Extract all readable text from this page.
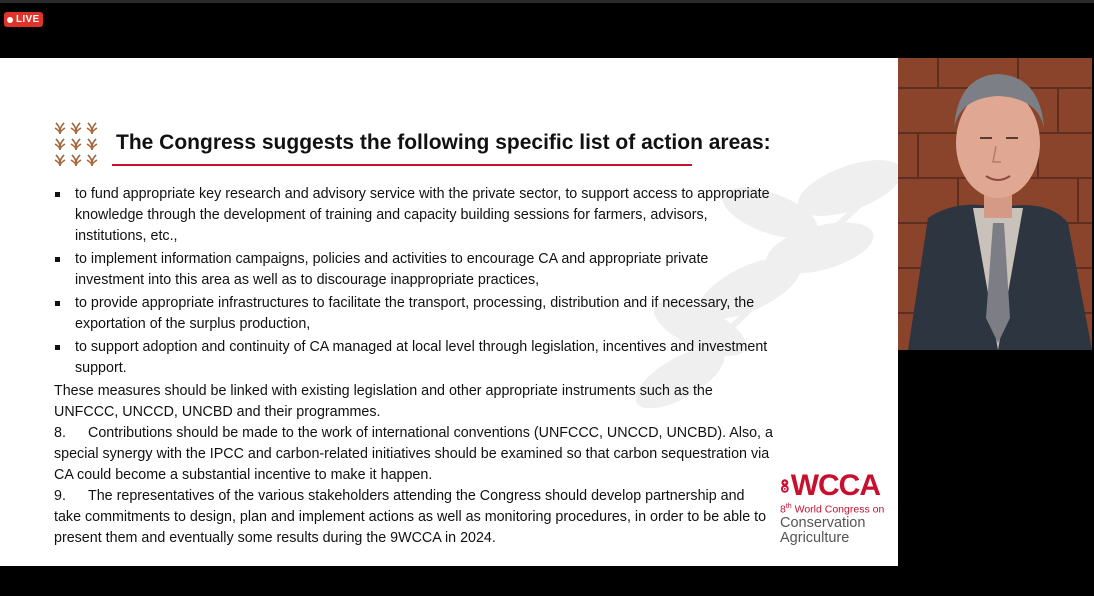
LIVE
The Congress suggests the following specific list of action areas:
to fund appropriate key research and advisory service with the private sector, to support access to appropriate knowledge through the development of training and capacity building sessions for farmers, advisors, institutions, etc.,
to implement information campaigns, policies and activities to encourage CA and appropriate private investment into this area as well as to discourage inappropriate practices,
to provide appropriate infrastructures to facilitate the transport, processing, distribution and if necessary, the exportation of the surplus production,
to support adoption and continuity of CA managed at local level through legislation, incentives and investment support.

These measures should be linked with existing legislation and other appropriate instruments such as the UNFCCC, UNCCD, UNCBD and their programmes.

8. Contributions should be made to the work of international conventions (UNFCCC, UNCCD, UNCBD). Also, a special synergy with the IPCC and carbon-related initiatives should be examined so that carbon sequestration via CA could become a substantial incentive to make it happen.

9. The representatives of the various stakeholders attending the Congress should develop partnership and take commitments to design, plan and implement actions as well as monitoring procedures, in order to be able to present them and eventually some results during the 9WCCA in 2024.

WCCA
8th World Congress on
Conservation
Agriculture
